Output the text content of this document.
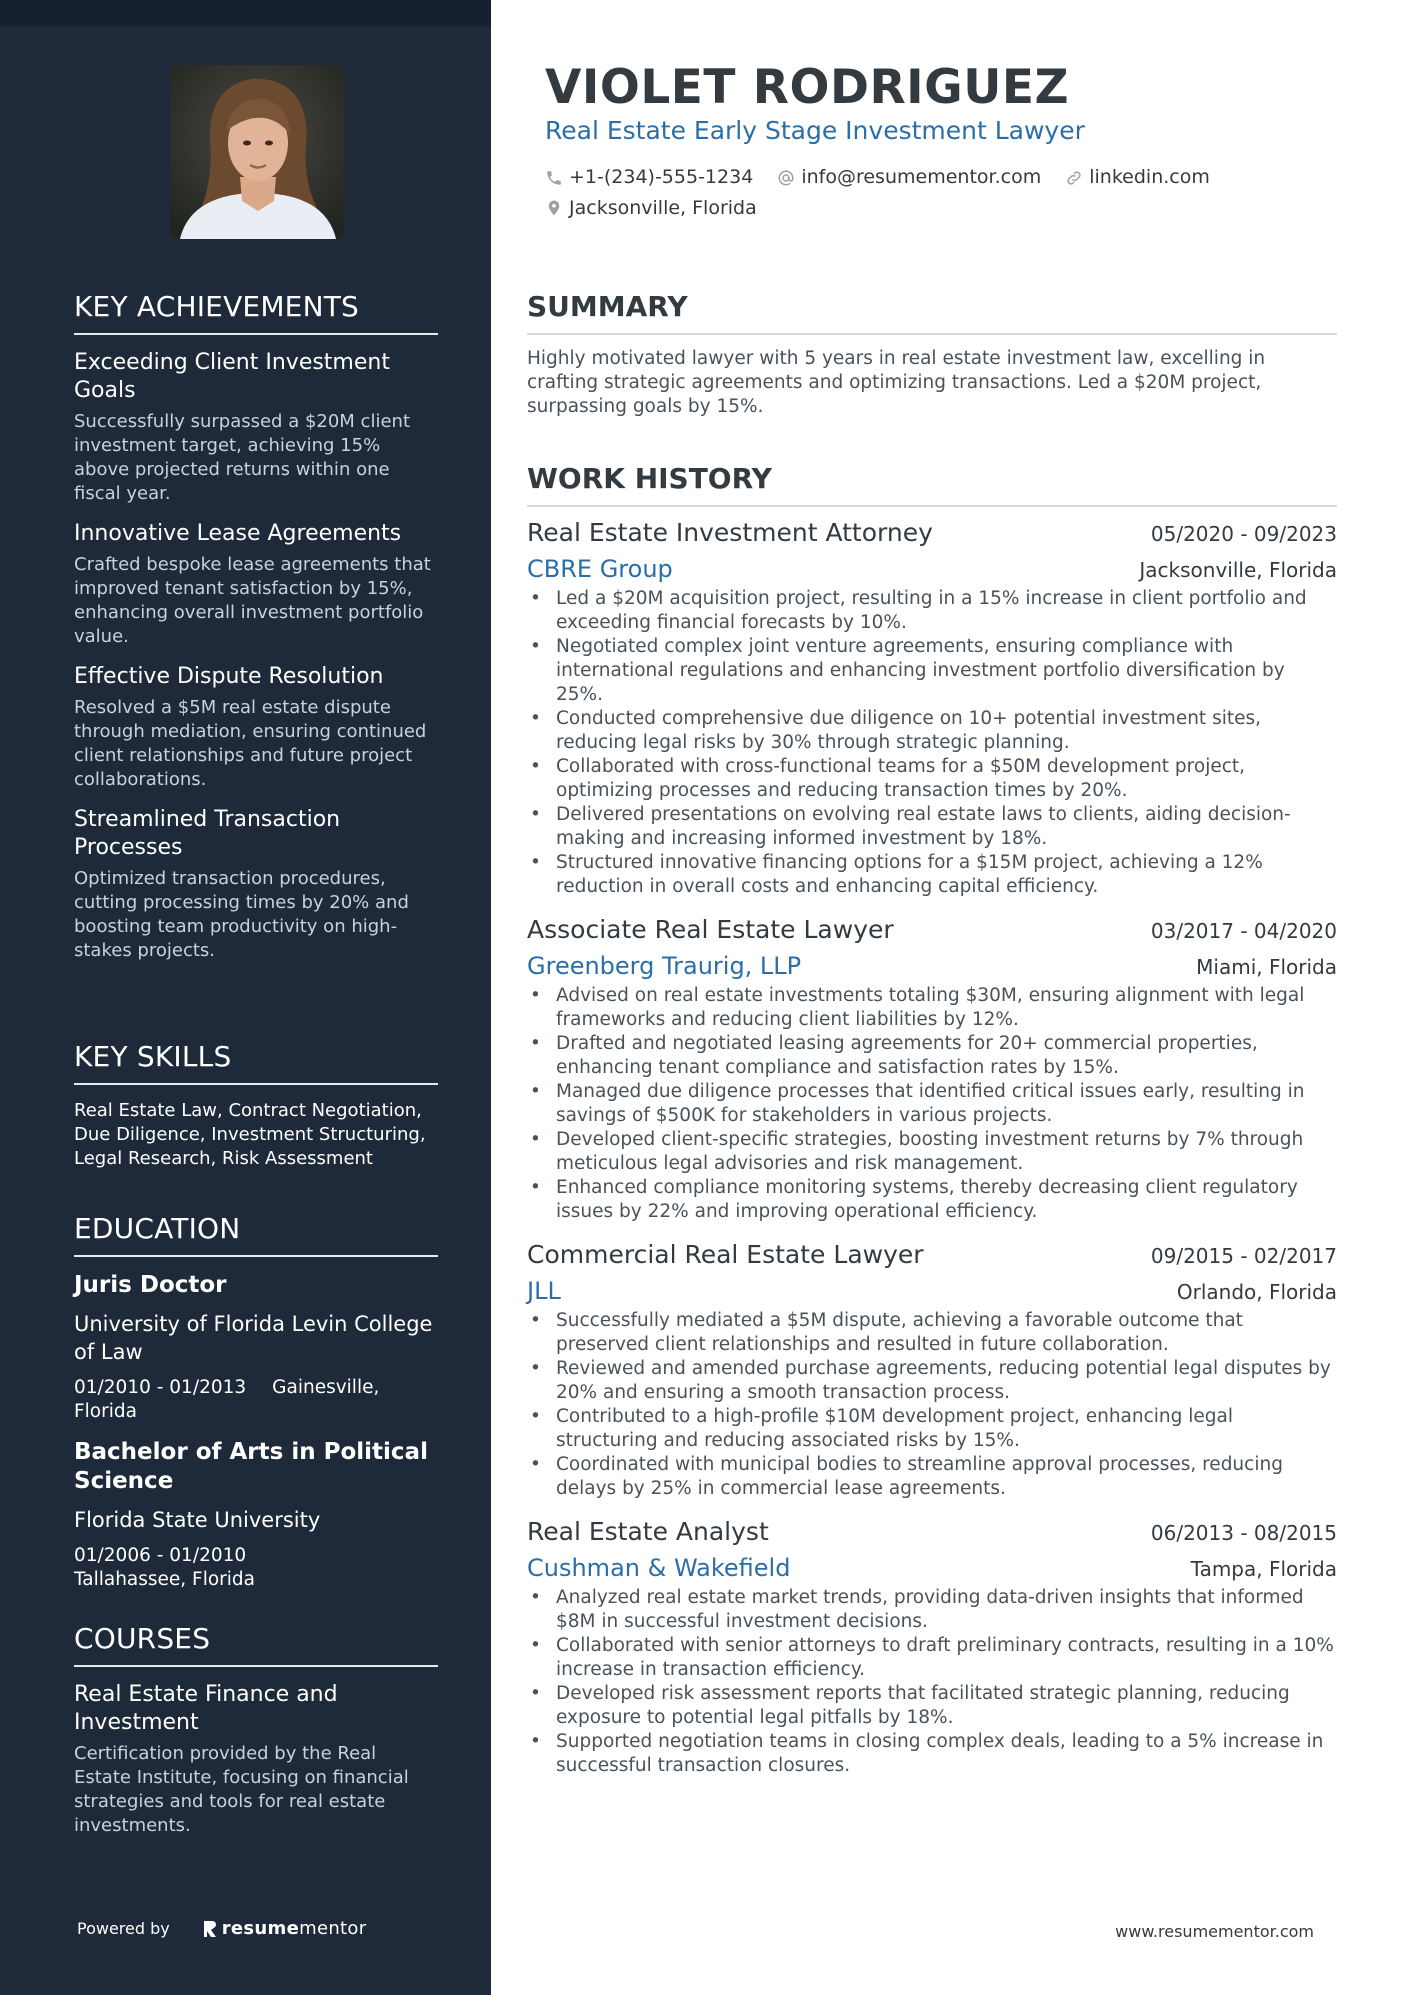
KEY ACHIEVEMENTS
Exceeding Client Investment Goals
Successfully surpassed a $20M client investment target, achieving 15% above projected returns within one fiscal year.
Innovative Lease Agreements
Crafted bespoke lease agreements that improved tenant satisfaction by 15%, enhancing overall investment portfolio value.
Effective Dispute Resolution
Resolved a $5M real estate dispute through mediation, ensuring continued client relationships and future project collaborations.
Streamlined Transaction Processes
Optimized transaction procedures, cutting processing times by 20% and boosting team productivity on high-stakes projects.
KEY SKILLS
Real Estate Law, Contract Negotiation, Due Diligence, Investment Structuring, Legal Research, Risk Assessment
EDUCATION
Juris Doctor
University of Florida Levin College of Law
01/2010 - 01/2013 Gainesville, Florida
Bachelor of Arts in Political Science
Florida State University
01/2006 - 01/2010
Tallahassee, Florida
COURSES
Real Estate Finance and Investment
Certification provided by the Real Estate Institute, focusing on financial strategies and tools for real estate investments.
Powered by	resume mentor
VIOLET RODRIGUEZ
Real Estate Early Stage Investment Lawyer
+1-(234)-555-1234
	info@resumementor.com
	linkedin.com

Jacksonville, Florida
SUMMARY

Highly motivated lawyer with 5 years in real estate investment law, excelling in crafting strategic agreements and optimizing transactions. Led a $20M project, surpassing goals by 15%.

WORK HISTORY
Real Estate Investment Attorney	05/2020 - 09/2023
CBRE Group	Jacksonville, Florida
• Led a $20M acquisition project, resulting in a 15% increase in client portfolio and exceeding financial forecasts by 10%.
• Negotiated complex joint venture agreements, ensuring compliance with international regulations and enhancing investment portfolio diversification by 25%.
• Conducted comprehensive due diligence on 10+ potential investment sites, reducing legal risks by 30% through strategic planning.
• Collaborated with cross-functional teams for a $50M development project, optimizing processes and reducing transaction times by 20%.
• Delivered presentations on evolving real estate laws to clients, aiding decision-making and increasing informed investment by 18%.
• Structured innovative financing options for a $15M project, achieving a 12% reduction in overall costs and enhancing capital efficiency.
Associate Real Estate Lawyer	03/2017 - 04/2020
Greenberg Traurig, LLP	Miami, Florida
• Advised on real estate investments totaling $30M, ensuring alignment with legal frameworks and reducing client liabilities by 12%.
• Drafted and negotiated leasing agreements for 20+ commercial properties, enhancing tenant compliance and satisfaction rates by 15%.
• Managed due diligence processes that identified critical issues early, resulting in savings of $500K for stakeholders in various projects.
• Developed client-specific strategies, boosting investment returns by 7% through meticulous legal advisories and risk management.
• Enhanced compliance monitoring systems, thereby decreasing client regulatory issues by 22% and improving operational efficiency.
Commercial Real Estate Lawyer	09/2015 - 02/2017
JLL	Orlando, Florida
• Successfully mediated a $5M dispute, achieving a favorable outcome that preserved client relationships and resulted in future collaboration.
• Reviewed and amended purchase agreements, reducing potential legal disputes by 20% and ensuring a smooth transaction process.
• Contributed to a high-profile $10M development project, enhancing legal structuring and reducing associated risks by 15%.
• Coordinated with municipal bodies to streamline approval processes, reducing delays by 25% in commercial lease agreements.
Real Estate Analyst	06/2013 - 08/2015
Cushman & Wakefield	Tampa, Florida
• Analyzed real estate market trends, providing data-driven insights that informed $8M in successful investment decisions.
• Collaborated with senior attorneys to draft preliminary contracts, resulting in a 10% increase in transaction efficiency.
• Developed risk assessment reports that facilitated strategic planning, reducing exposure to potential legal pitfalls by 18%.
• Supported negotiation teams in closing complex deals, leading to a 5% increase in successful transaction closures.
www.resumementor.com
